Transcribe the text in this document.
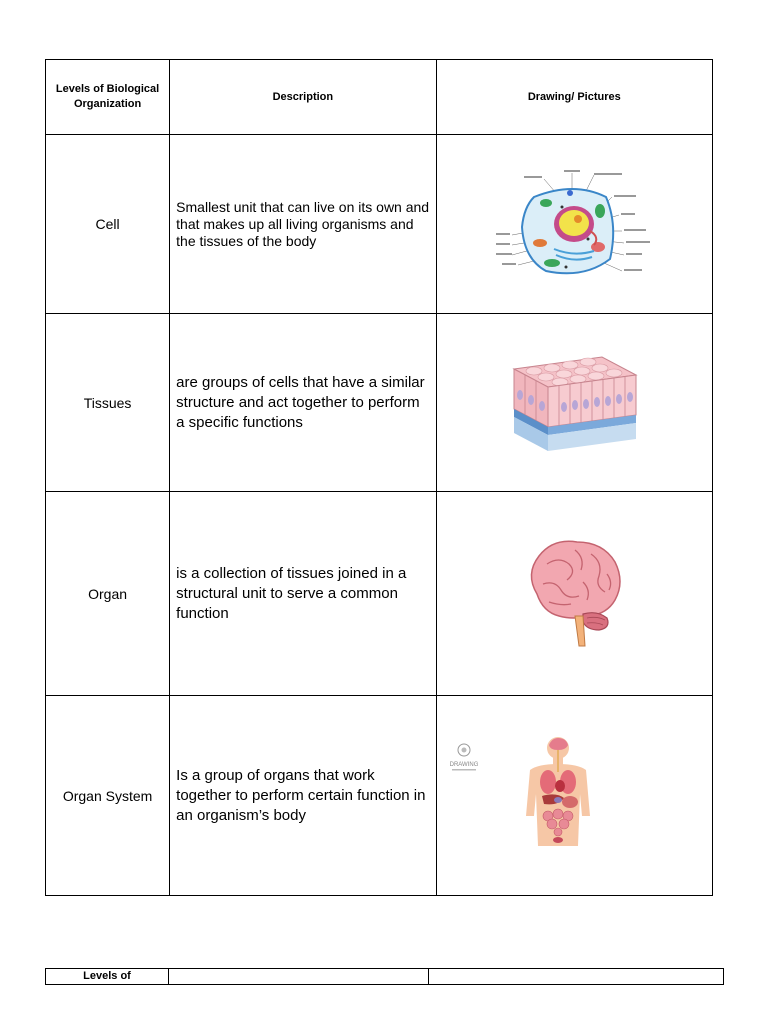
Levels of Biological Organization	Description	Drawing/ Pictures
Cell	Smallest unit that can live on its own and that makes up all living organisms and the tissues of the body	

Tissues	are groups of cells that have a similar structure and act together to perform a specific functions	

Organ	is a collection of tissues joined in a structural unit to serve a common function	

Organ System	Is a group of organs that work together to perform certain function in an organism’s body	DRAWING
Levels of		
